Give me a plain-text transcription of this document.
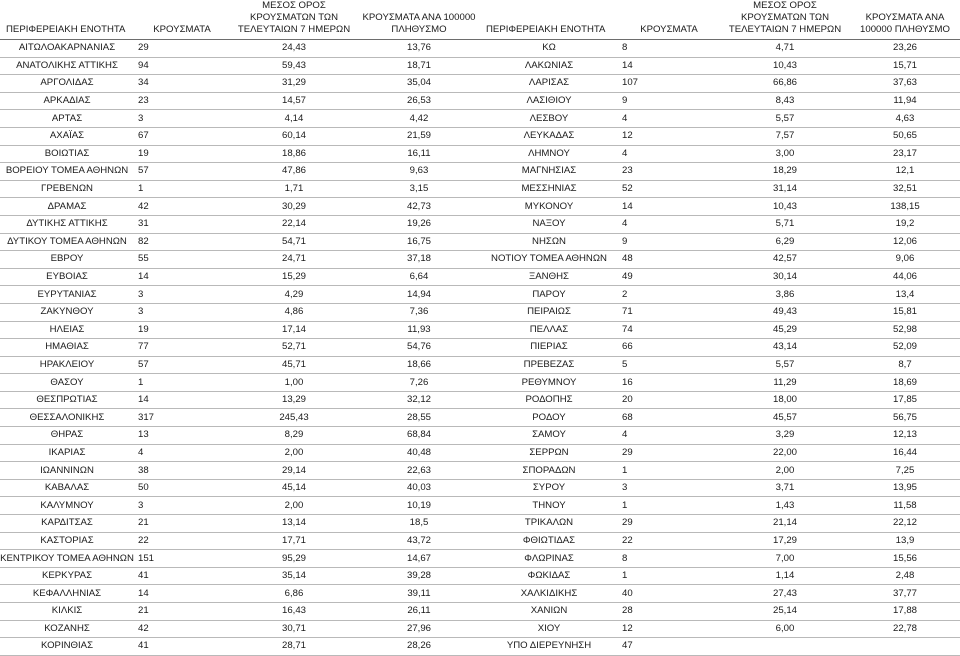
ΠΕΡΙΦΕΡΕΙΑΚΗ ΕΝΟΤΗΤΑ	ΚΡΟΥΣΜΑΤΑ	ΜΕΣΟΣ ΟΡΟΣ ΚΡΟΥΣΜΑΤΩΝ ΤΩΝ ΤΕΛΕΥΤΑΙΩΝ 7 ΗΜΕΡΩΝ	ΚΡΟΥΣΜΑΤΑ ΑΝΑ 100000 ΠΛΗΘΥΣΜΟ
ΑΙΤΩΛΟΑΚΑΡΝΑΝΙΑΣ	29	24,43	13,76
ΑΝΑΤΟΛΙΚΗΣ ΑΤΤΙΚΗΣ	94	59,43	18,71
ΑΡΓΟΛΙΔΑΣ	34	31,29	35,04
ΑΡΚΑΔΙΑΣ	23	14,57	26,53
ΑΡΤΑΣ	3	4,14	4,42
ΑΧΑΪΑΣ	67	60,14	21,59
ΒΟΙΩΤΙΑΣ	19	18,86	16,11
ΒΟΡΕΙΟΥ ΤΟΜΕΑ ΑΘΗΝΩΝ	57	47,86	9,63
ΓΡΕΒΕΝΩΝ	1	1,71	3,15
ΔΡΑΜΑΣ	42	30,29	42,73
ΔΥΤΙΚΗΣ ΑΤΤΙΚΗΣ	31	22,14	19,26
ΔΥΤΙΚΟΥ ΤΟΜΕΑ ΑΘΗΝΩΝ	82	54,71	16,75
ΕΒΡΟΥ	55	24,71	37,18
ΕΥΒΟΙΑΣ	14	15,29	6,64
ΕΥΡΥΤΑΝΙΑΣ	3	4,29	14,94
ΖΑΚΥΝΘΟΥ	3	4,86	7,36
ΗΛΕΙΑΣ	19	17,14	11,93
ΗΜΑΘΙΑΣ	77	52,71	54,76
ΗΡΑΚΛΕΙΟΥ	57	45,71	18,66
ΘΑΣΟΥ	1	1,00	7,26
ΘΕΣΠΡΩΤΙΑΣ	14	13,29	32,12
ΘΕΣΣΑΛΟΝΙΚΗΣ	317	245,43	28,55
ΘΗΡΑΣ	13	8,29	68,84
ΙΚΑΡΙΑΣ	4	2,00	40,48
ΙΩΑΝΝΙΝΩΝ	38	29,14	22,63
ΚΑΒΑΛΑΣ	50	45,14	40,03
ΚΑΛΥΜΝΟΥ	3	2,00	10,19
ΚΑΡΔΙΤΣΑΣ	21	13,14	18,5
ΚΑΣΤΟΡΙΑΣ	22	17,71	43,72
ΚΕΝΤΡΙΚΟΥ ΤΟΜΕΑ ΑΘΗΝΩΝ	151	95,29	14,67
ΚΕΡΚΥΡΑΣ	41	35,14	39,28
ΚΕΦΑΛΛΗΝΙΑΣ	14	6,86	39,11
ΚΙΛΚΙΣ	21	16,43	26,11
ΚΟΖΑΝΗΣ	42	30,71	27,96
ΚΟΡΙΝΘΙΑΣ	41	28,71	28,26
ΠΕΡΙΦΕΡΕΙΑΚΗ ΕΝΟΤΗΤΑ	ΚΡΟΥΣΜΑΤΑ	ΜΕΣΟΣ ΟΡΟΣ ΚΡΟΥΣΜΑΤΩΝ ΤΩΝ ΤΕΛΕΥΤΑΙΩΝ 7 ΗΜΕΡΩΝ	ΚΡΟΥΣΜΑΤΑ ΑΝΑ 100000 ΠΛΗΘΥΣΜΟ
ΚΩ	8	4,71	23,26
ΛΑΚΩΝΙΑΣ	14	10,43	15,71
ΛΑΡΙΣΑΣ	107	66,86	37,63
ΛΑΣΙΘΙΟΥ	9	8,43	11,94
ΛΕΣΒΟΥ	4	5,57	4,63
ΛΕΥΚΑΔΑΣ	12	7,57	50,65
ΛΗΜΝΟΥ	4	3,00	23,17
ΜΑΓΝΗΣΙΑΣ	23	18,29	12,1
ΜΕΣΣΗΝΙΑΣ	52	31,14	32,51
ΜΥΚΟΝΟΥ	14	10,43	138,15
ΝΑΞΟΥ	4	5,71	19,2
ΝΗΣΩΝ	9	6,29	12,06
ΝΟΤΙΟΥ ΤΟΜΕΑ ΑΘΗΝΩΝ	48	42,57	9,06
ΞΑΝΘΗΣ	49	30,14	44,06
ΠΑΡΟΥ	2	3,86	13,4
ΠΕΙΡΑΙΩΣ	71	49,43	15,81
ΠΕΛΛΑΣ	74	45,29	52,98
ΠΙΕΡΙΑΣ	66	43,14	52,09
ΠΡΕΒΕΖΑΣ	5	5,57	8,7
ΡΕΘΥΜΝΟΥ	16	11,29	18,69
ΡΟΔΟΠΗΣ	20	18,00	17,85
ΡΟΔΟΥ	68	45,57	56,75
ΣΑΜΟΥ	4	3,29	12,13
ΣΕΡΡΩΝ	29	22,00	16,44
ΣΠΟΡΑΔΩΝ	1	2,00	7,25
ΣΥΡΟΥ	3	3,71	13,95
ΤΗΝΟΥ	1	1,43	11,58
ΤΡΙΚΑΛΩΝ	29	21,14	22,12
ΦΘΙΩΤΙΔΑΣ	22	17,29	13,9
ΦΛΩΡΙΝΑΣ	8	7,00	15,56
ΦΩΚΙΔΑΣ	1	1,14	2,48
ΧΑΛΚΙΔΙΚΗΣ	40	27,43	37,77
ΧΑΝΙΩΝ	28	25,14	17,88
ΧΙΟΥ	12	6,00	22,78
ΥΠΟ ΔΙΕΡΕΥΝΗΣΗ	47		
